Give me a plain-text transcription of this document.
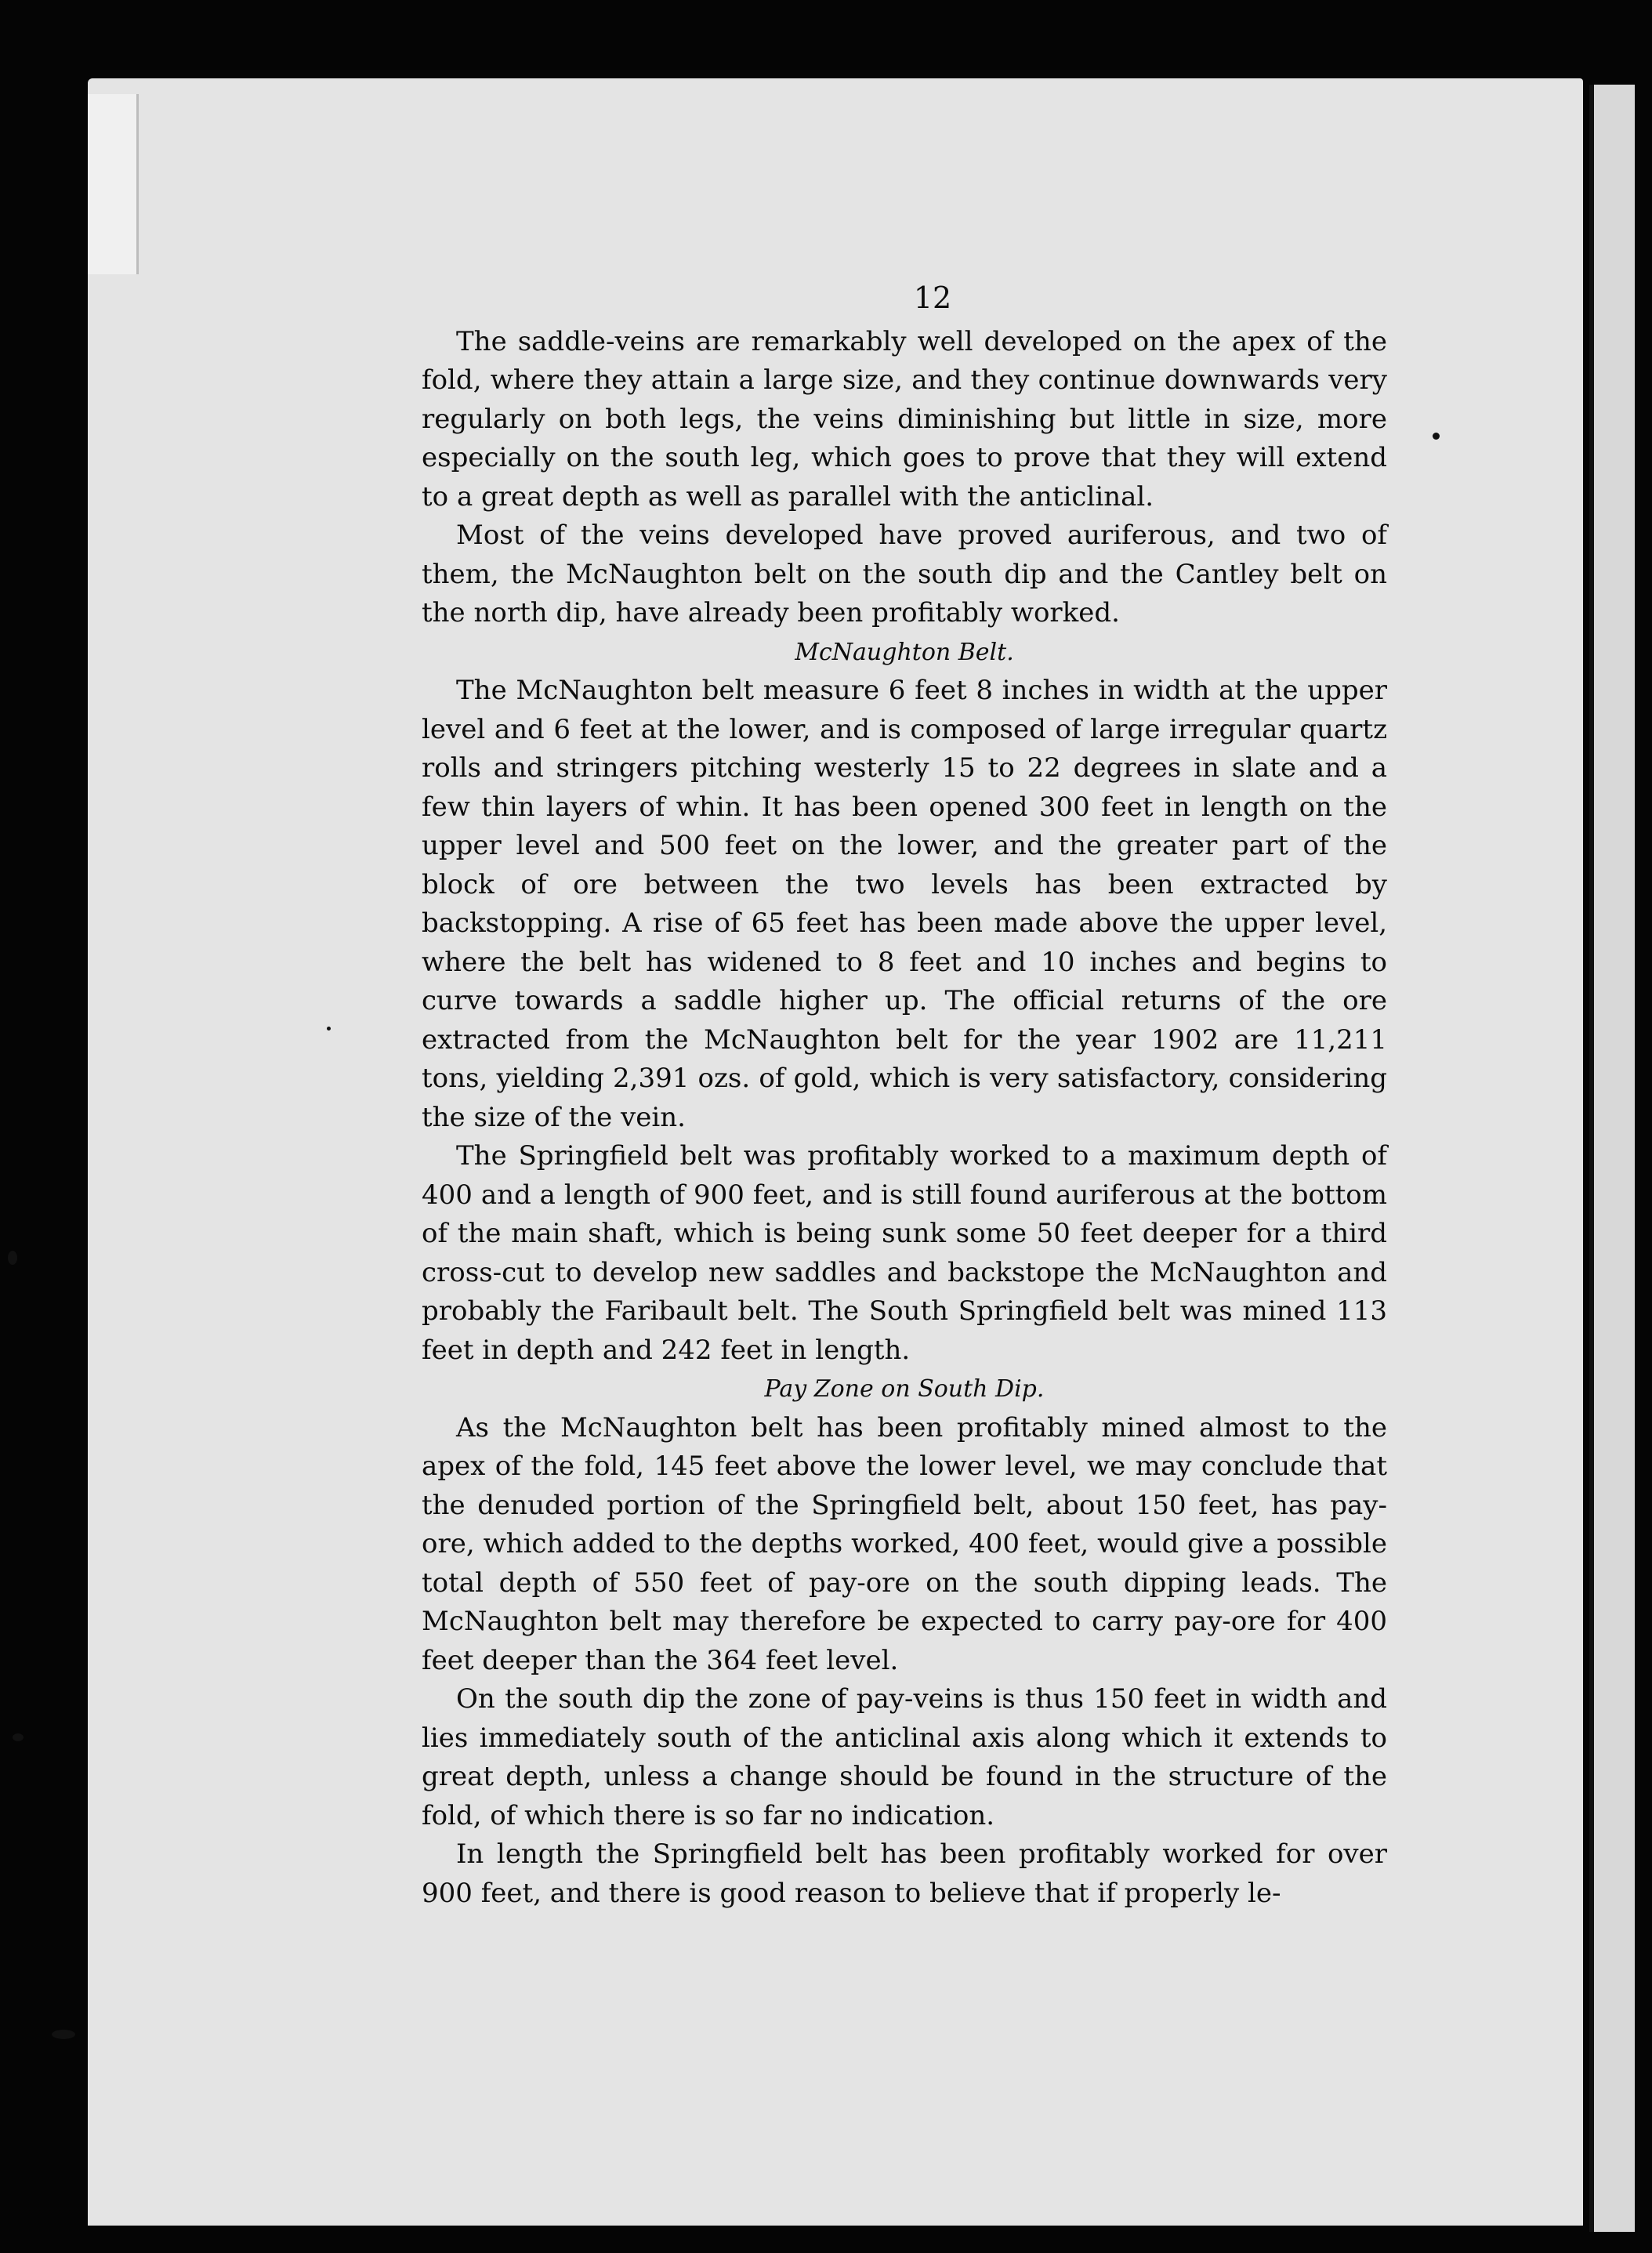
12

The saddle-veins are remarkably well developed on the apex of the fold, where they attain a large size, and they continue downwards very regularly on both legs, the veins diminishing but little in size, more especially on the south leg, which goes to prove that they will extend to a great depth as well as parallel with the anticlinal.

Most of the veins developed have proved auriferous, and two of them, the McNaughton belt on the south dip and the Cantley belt on the north dip, have already been profitably worked.

McNaughton Belt.

The McNaughton belt measure 6 feet 8 inches in width at the upper level and 6 feet at the lower, and is composed of large irregular quartz rolls and stringers pitching westerly 15 to 22 degrees in slate and a few thin layers of whin. It has been opened 300 feet in length on the upper level and 500 feet on the lower, and the greater part of the block of ore between the two levels has been extracted by backstopping. A rise of 65 feet has been made above the upper level, where the belt has widened to 8 feet and 10 inches and begins to curve towards a saddle higher up. The official returns of the ore extracted from the McNaughton belt for the year 1902 are 11,211 tons, yielding 2,391 ozs. of gold, which is very satisfactory, considering the size of the vein.

The Springfield belt was profitably worked to a maximum depth of 400 and a length of 900 feet, and is still found auriferous at the bottom of the main shaft, which is being sunk some 50 feet deeper for a third cross-cut to develop new saddles and backstope the McNaughton and probably the Faribault belt. The South Springfield belt was mined 113 feet in depth and 242 feet in length.

Pay Zone on South Dip.

As the McNaughton belt has been profitably mined almost to the apex of the fold, 145 feet above the lower level, we may conclude that the denuded portion of the Springfield belt, about 150 feet, has pay-ore, which added to the depths worked, 400 feet, would give a possible total depth of 550 feet of pay-ore on the south dipping leads. The McNaughton belt may therefore be expected to carry pay-ore for 400 feet deeper than the 364 feet level.

On the south dip the zone of pay-veins is thus 150 feet in width and lies immediately south of the anticlinal axis along which it extends to great depth, unless a change should be found in the structure of the fold, of which there is so far no indication.

In length the Springfield belt has been profitably worked for over 900 feet, and there is good reason to believe that if properly le-
